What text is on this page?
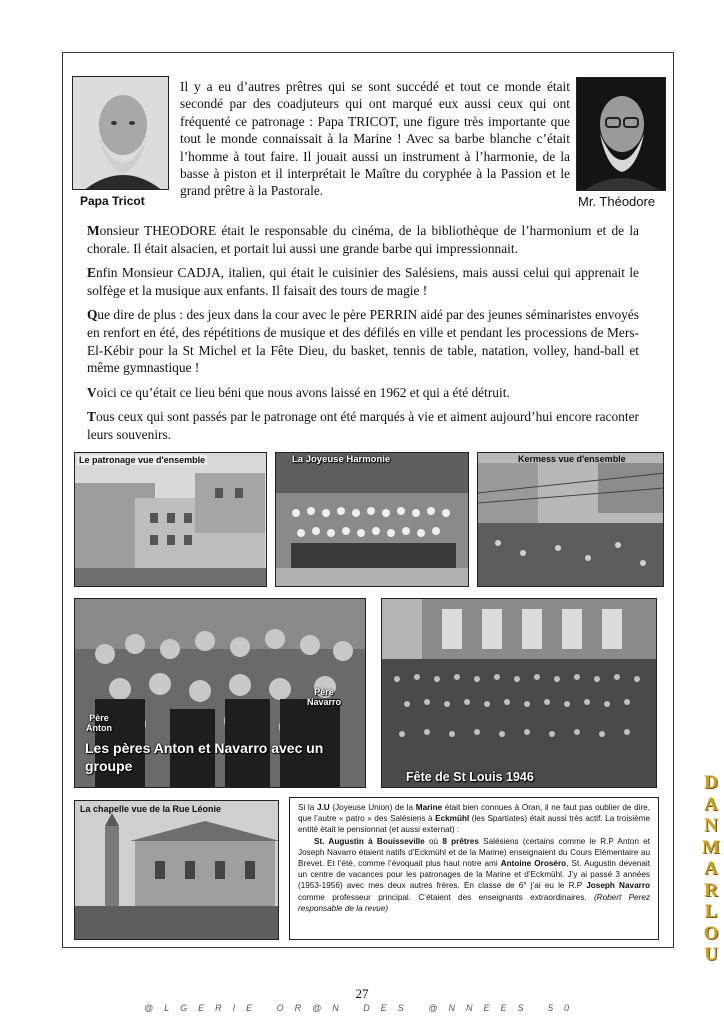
Papa Tricot	Mr. Théodore
Il y a eu d’autres prêtres qui se sont succédé et tout ce monde était secondé par des coadjuteurs qui ont marqué eux aussi ceux qui ont fréquenté ce patronage : Papa TRICOT, une figure très importante que tout le monde connaissait à la Marine ! Avec sa barbe blanche c’était l’homme à tout faire. Il jouait aussi un instrument à l’harmonie, de la basse à piston et il interprétait le Maître du coryphée à la Passion et le grand prêtre à la Pastorale.

Monsieur THEODORE était le responsable du cinéma, de la bibliothèque de l’harmonium et de la chorale. Il était alsacien, et portait lui aussi une grande barbe qui impressionnait.

Enfin Monsieur CADJA, italien, qui était le cuisinier des Salésiens, mais aussi celui qui apprenait le solfège et la musique aux enfants. Il faisait des tours de magie !

Que dire de plus : des jeux dans la cour avec le père PERRIN aidé par des jeunes séminaristes envoyés en renfort en été, des répétitions de musique et des défilés en ville et pendant les processions de Mers-El-Kébir pour la St Michel et la Fête Dieu, du basket, tennis de table, natation, volley, hand-ball et même gymnastique !

Voici ce qu’était ce lieu béni que nous avons laissé en 1962 et qui a été détruit.

Tous ceux qui sont passés par le patronage ont été marqués à vie et aiment aujourd’hui encore raconter leurs souvenirs.

Le patronage vue d'ensemble	La Joyeuse Harmonie	Kermess vue d'ensemble
Père Anton
Père Navarro
Les pères Anton et Navarro avec un groupe
Fête de St Louis 1946
La chapelle vue de la Rue Léonie	Si la J.U (Joyeuse Union) de la Marine était bien connues à Oran, il ne faut pas oublier de dire, que l’autre « patro » des Salésiens à Eckmühl (les Spartiates) était aussi très actif. La troisième entité était le pensionnat (et aussi externat) :

St. Augustin à Bouisseville où 8 prêtres Salésiens (certains comme le R.P Anton et Joseph Navarro étaient natifs d’Eckmühl et de la Marine) enseignaient du Cours Elémentaire au Brevet. Et l’été, comme l’évoquait plus haut notre ami Antoine Oroséro, St. Augustin devenait un centre de vacances pour les patronages de la Marine et d’Eckmühl. J’y ai passé 3 années (1953-1956) avec mes deux autres frères. En classe de 6° j’ai eu le R.P Joseph Navarro comme professeur principal. C’étaient des enseignants extraordinaires. (Robert Perez responsable de la revue)

27
@LGERIE OR@N DES @NNEES 50
D
A
N
M
A
R
L
O
U
